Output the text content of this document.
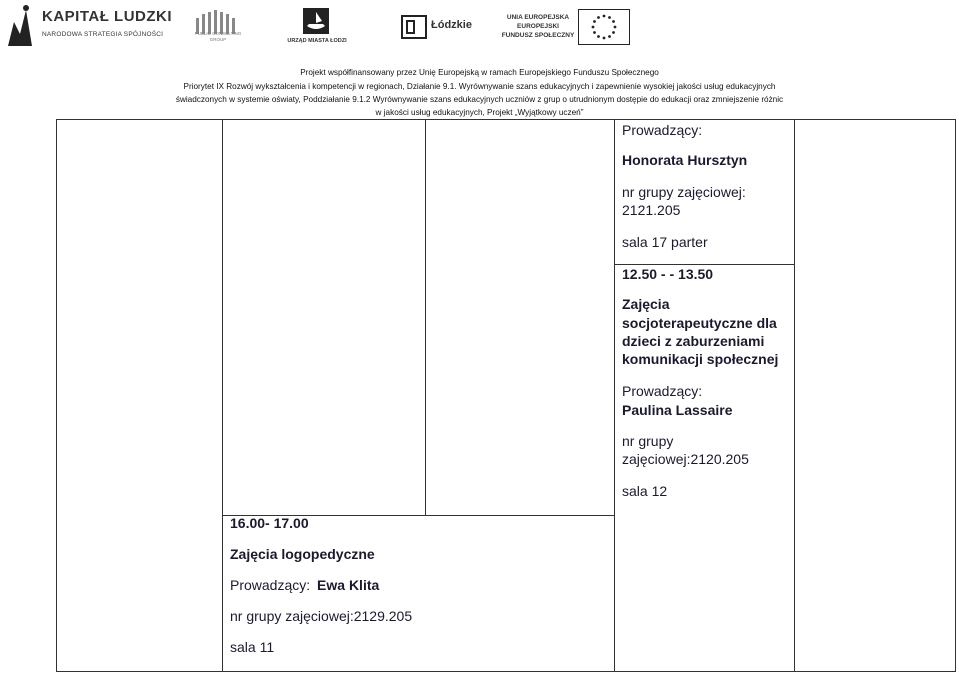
KAPITAŁ LUDZKI
NARODOWA STRATEGIA SPÓJNOŚCI	PUBLIC CONSULTING GROUP	URZĄD MIASTA ŁODZI
Łódzkie
UNIA EUROPEJSKA
EUROPEJSKI
FUNDUSZ SPOŁECZNY
Projekt współfinansowany przez Unię Europejską w ramach Europejskiego Funduszu Społecznego
Priorytet IX Rozwój wykształcenia i kompetencji w regionach, Działanie 9.1. Wyrównywanie szans edukacyjnych i zapewnienie wysokiej jakości usług edukacyjnych
świadczonych w systemie oświaty, Poddziałanie 9.1.2 Wyrównywanie szans edukacyjnych uczniów z grup o utrudnionym dostępie do edukacji oraz zmniejszenie różnic
w jakości usług edukacyjnych, Projekt „Wyjątkowy uczeń”
Prowadzący:
Honorata Hursztyn
nr grupy zajęciowej:
2121.205
sala 17 parter
12.50 - - 13.50
Zajęcia
socjoterapeutyczne dla
dzieci z zaburzeniami
komunikacji społecznej
Prowadzący:
Paulina Lassaire
nr grupy
zajęciowej:2120.205
sala 12
16.00- 17.00
Zajęcia logopedyczne
Prowadzący: Ewa Klita
nr grupy zajęciowej:2129.205
sala 11
